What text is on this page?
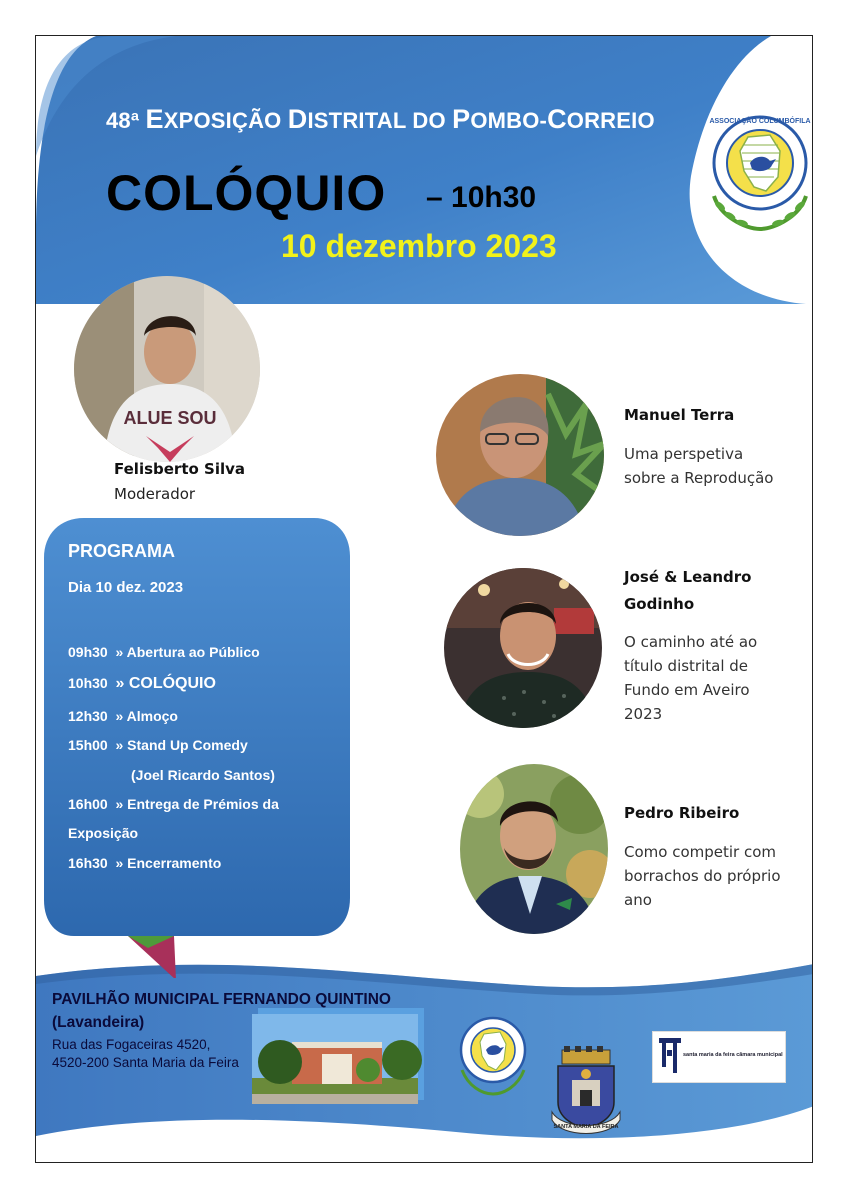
48ª EXPOSIÇÃO DISTRITAL DO POMBO-CORREIO
COLÓQUIO – 10h30
10 dezembro 2023
ASSOCIAÇÃO COLUMBÓFILA
ALUE SOU
Felisberto Silva
Moderador
Manuel Terra
Uma perspetiva
sobre a Reprodução
José & Leandro
Godinho
O caminho até ao
título distrital de
Fundo em Aveiro
2023
Pedro Ribeiro
Como competir com
borrachos do próprio
ano
PROGRAMA
Dia 10 dez. 2023
09h30 » Abertura ao Público
10h30 » COLÓQUIO
12h30 » Almoço
15h00 » Stand Up Comedy
(Joel Ricardo Santos)
16h00 » Entrega de Prémios da
Exposição
16h30 » Encerramento
PAVILHÃO MUNICIPAL FERNANDO QUINTINO
(Lavandeira)
Rua das Fogaceiras 4520,
4520-200 Santa Maria da Feira
SANTA MARIA DA FEIRA
santa maria da feira câmara municipal
